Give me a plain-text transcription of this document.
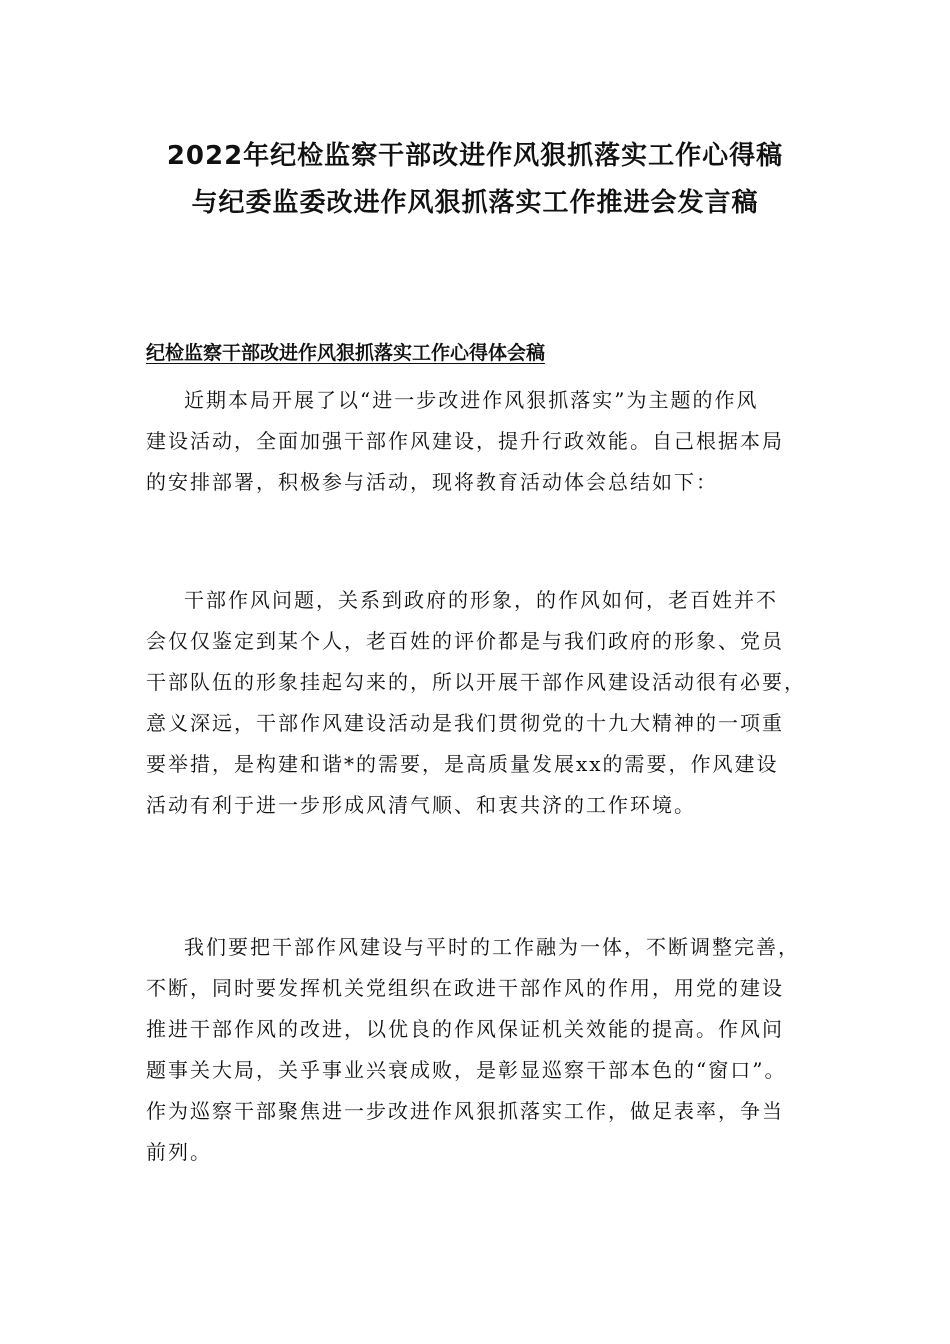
2022年纪检监察干部改进作风狠抓落实工作心得稿
与纪委监委改进作风狠抓落实工作推进会发言稿
纪检监察干部改进作风狠抓落实工作心得体会稿
近期本局开展了以“进一步改进作风狠抓落实”为主题的作风
建设活动，全面加强干部作风建设，提升行政效能。自己根据本局
的安排部署，积极参与活动，现将教育活动体会总结如下：
干部作风问题，关系到政府的形象，的作风如何，老百姓并不
会仅仅鉴定到某个人，老百姓的评价都是与我们政府的形象、党员
干部队伍的形象挂起勾来的，所以开展干部作风建设活动很有必要，
意义深远，干部作风建设活动是我们贯彻党的十九大精神的一项重
要举措，是构建和谐*的需要，是高质量发展xx的需要，作风建设
活动有利于进一步形成风清气顺、和衷共济的工作环境。
我们要把干部作风建设与平时的工作融为一体，不断调整完善，
不断，同时要发挥机关党组织在政进干部作风的作用，用党的建设
推进干部作风的改进，以优良的作风保证机关效能的提高。作风问
题事关大局，关乎事业兴衰成败，是彰显巡察干部本色的“窗口”。
作为巡察干部聚焦进一步改进作风狠抓落实工作，做足表率，争当
前列。
